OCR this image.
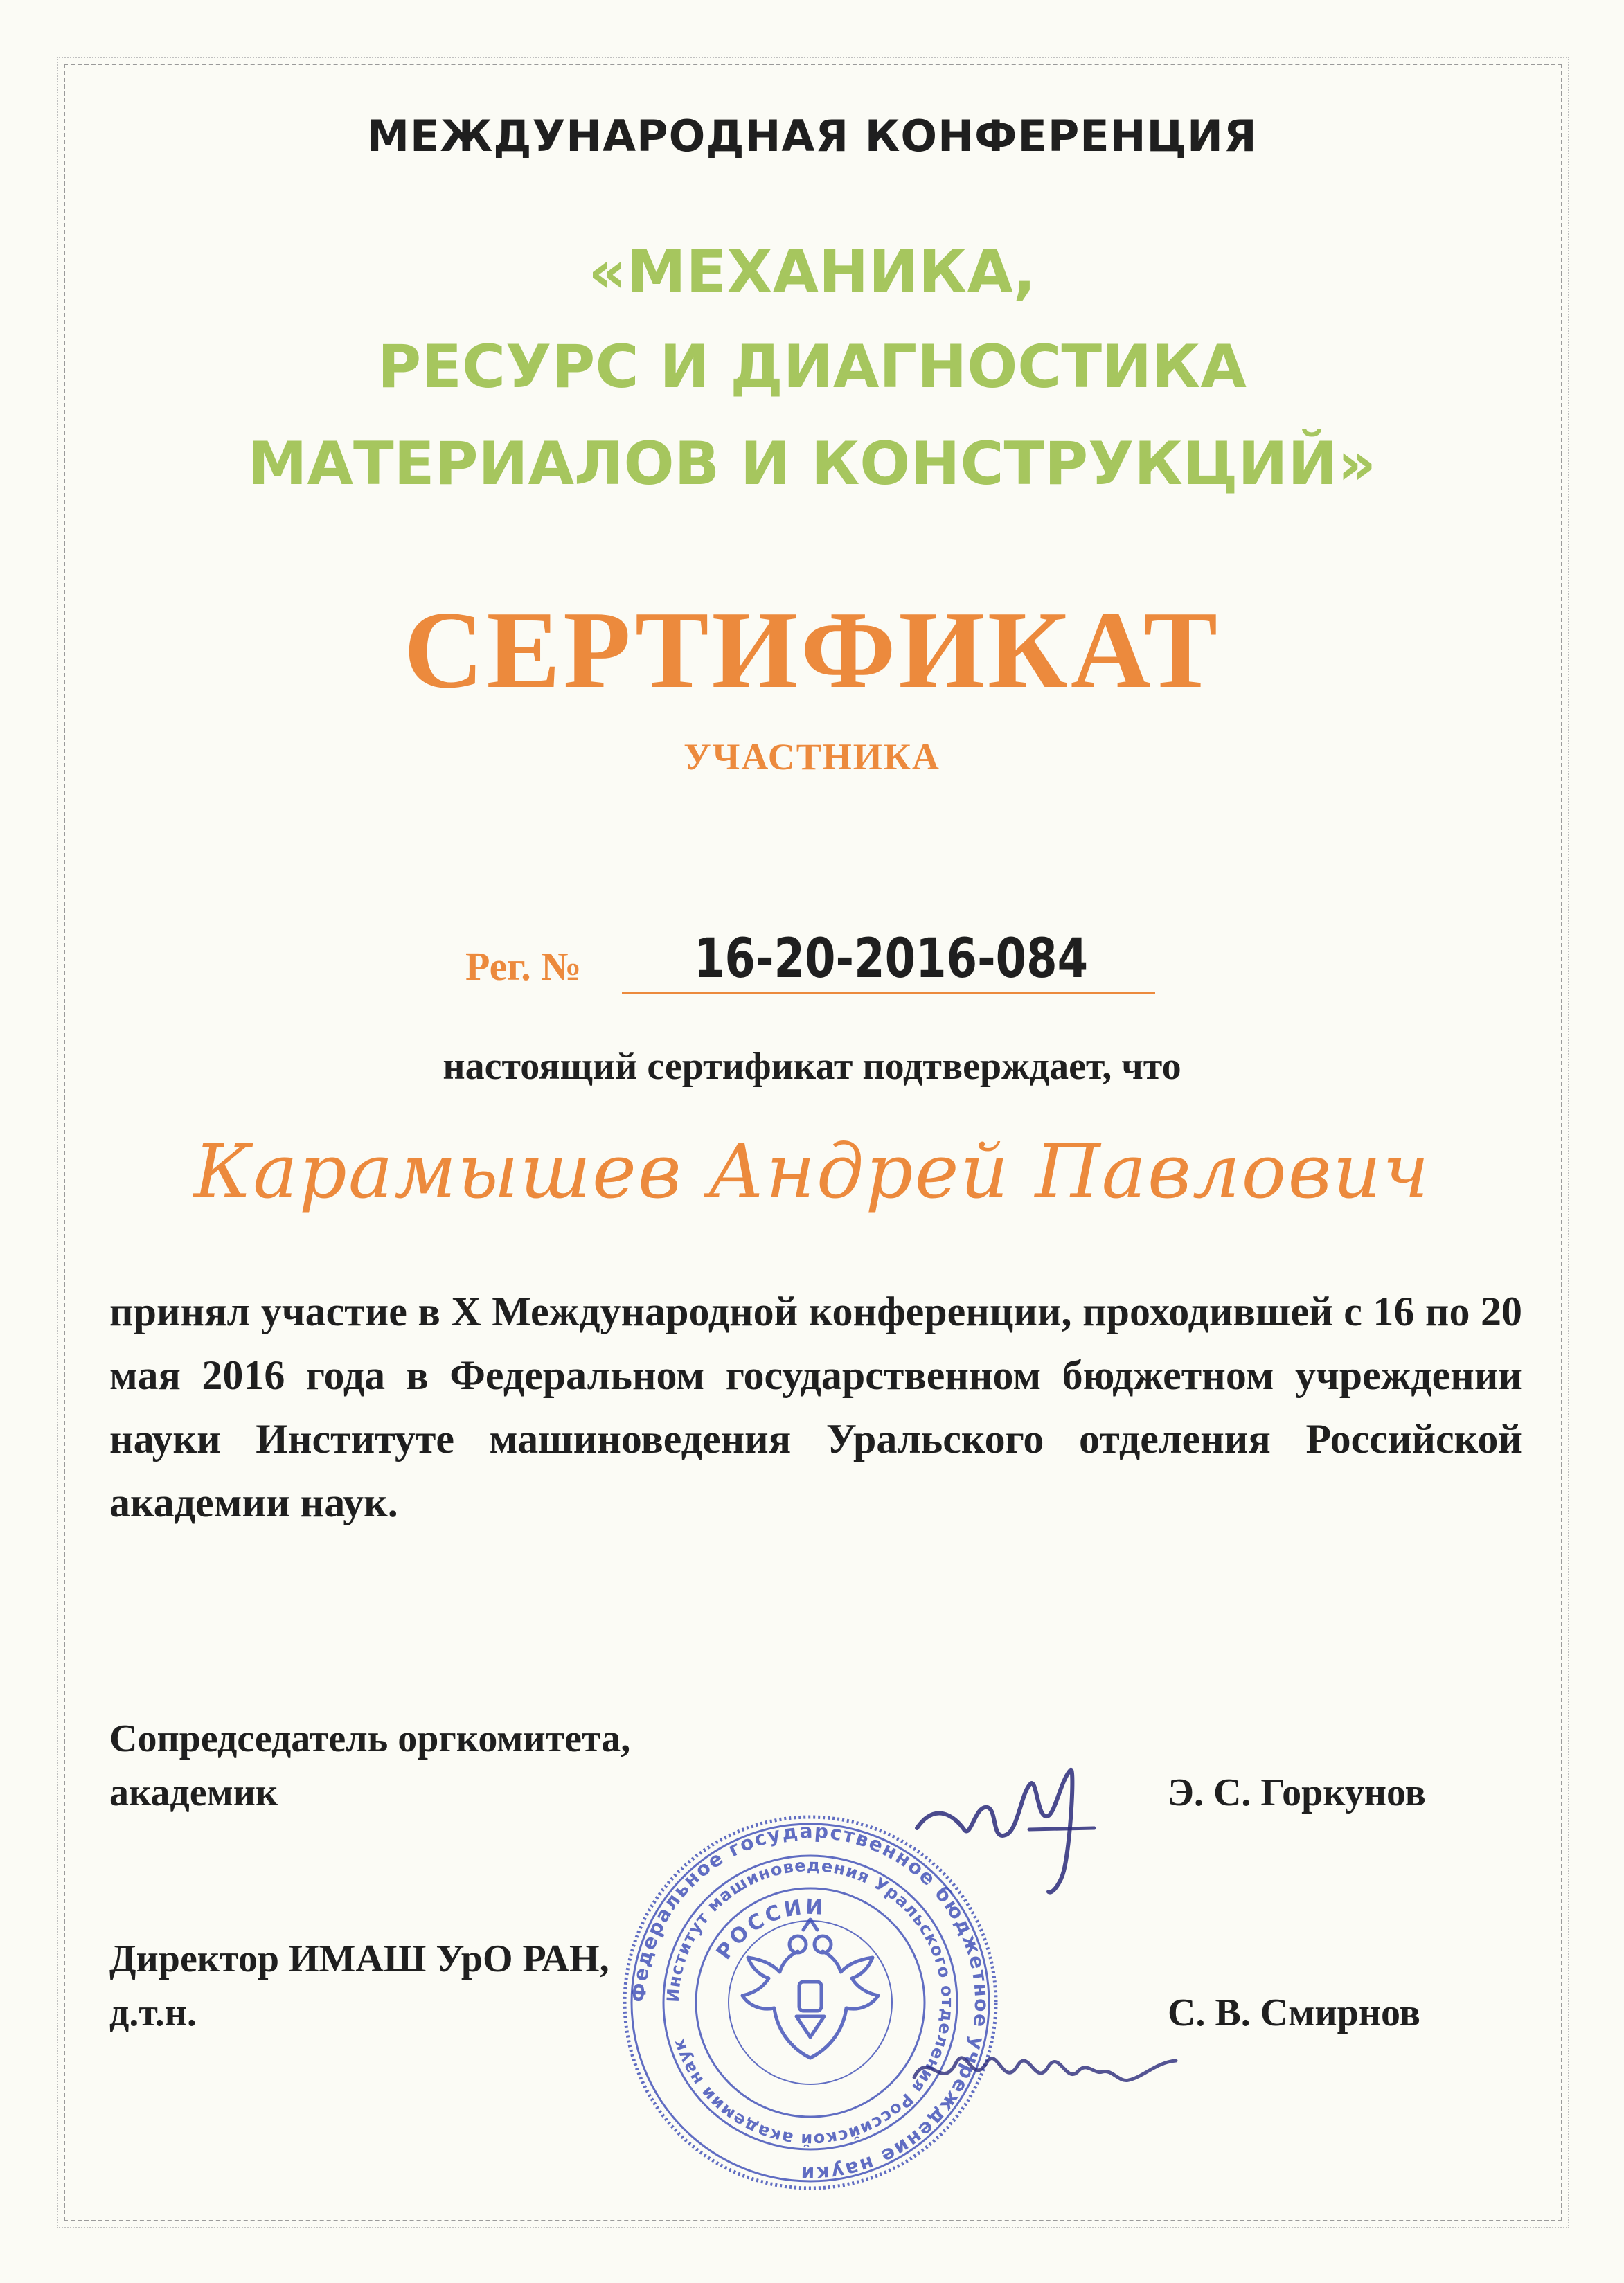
МЕЖДУНАРОДНАЯ КОНФЕРЕНЦИЯ
«МЕХАНИКА,
РЕСУРС И ДИАГНОСТИКА
МАТЕРИАЛОВ И КОНСТРУКЦИЙ»
СЕРТИФИКАТ
УЧАСТНИКА
Рег. № 16-20-2016-084
настоящий сертификат подтверждает, что
Карамышев Андрей Павлович
принял участие в X Международной конференции, проходившей с 16 по 20 мая 2016 года в Федеральном государственном бюджетном учреждении науки Институте машиноведения Уральского отделения Российской академии наук.
Сопредседатель оргкомитета,
академик	Э. С. Горкунов
Директор ИМАШ УрО РАН,
д.т.н.	С. В. Смирнов
Федеральное государственное бюджетное учреждение науки
Институт машиноведения Уральского отделения Российской академии наук
РОССИИ
